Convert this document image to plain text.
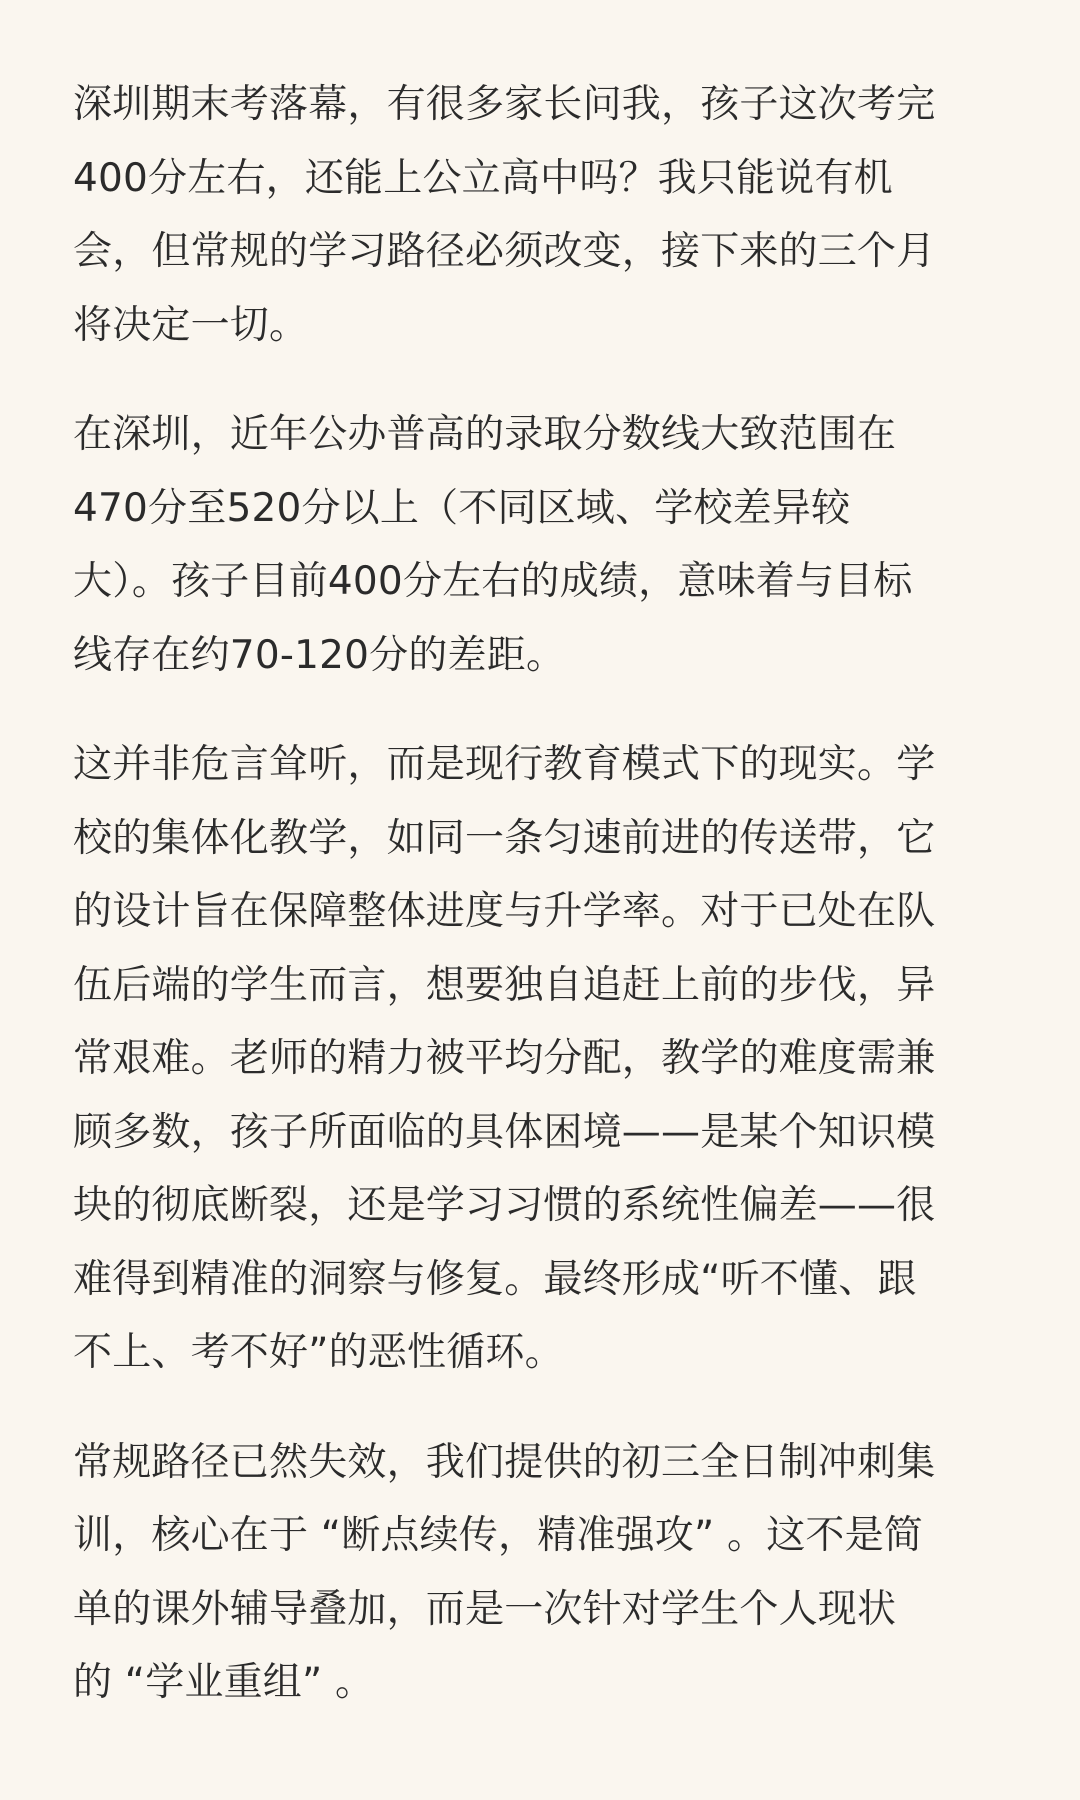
深圳期末考落幕，有很多家长问我，孩子这次考完
400分左右，还能上公立高中吗？我只能说有机
会，但常规的学习路径必须改变，接下来的三个月
将决定一切。
在深圳，近年公办普高的录取分数线大致范围在
470分至520分以上（不同区域、学校差异较
大）。孩子目前400分左右的成绩，意味着与目标
线存在约70-120分的差距。
这并非危言耸听，而是现行教育模式下的现实。学
校的集体化教学，如同一条匀速前进的传送带，它
的设计旨在保障整体进度与升学率。对于已处在队
伍后端的学生而言，想要独自追赶上前的步伐，异
常艰难。老师的精力被平均分配，教学的难度需兼
顾多数，孩子所面临的具体困境——是某个知识模
块的彻底断裂，还是学习习惯的系统性偏差——很
难得到精准的洞察与修复。最终形成“听不懂、跟
不上、考不好”的恶性循环。
常规路径已然失效，我们提供的初三全日制冲刺集
训，核心在于 “断点续传，精准强攻” 。这不是简
单的课外辅导叠加，而是一次针对学生个人现状
的 “学业重组” 。
